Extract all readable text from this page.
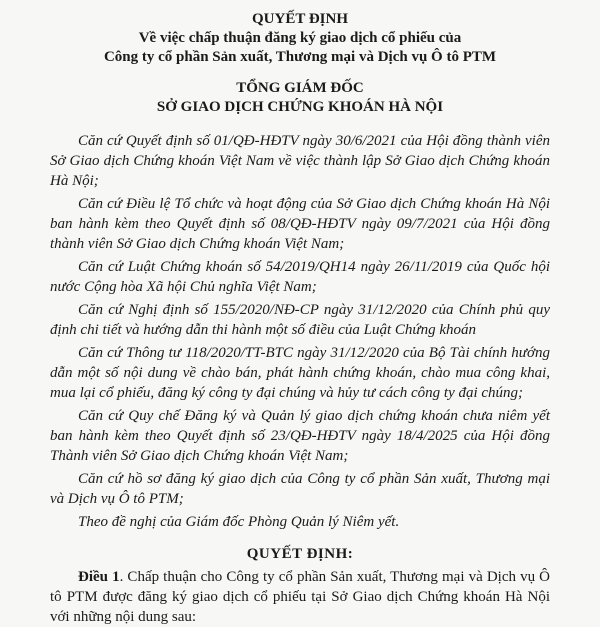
QUYẾT ĐỊNH
Về việc chấp thuận đăng ký giao dịch cổ phiếu của
Công ty cổ phần Sản xuất, Thương mại và Dịch vụ Ô tô PTM
TỔNG GIÁM ĐỐC
SỞ GIAO DỊCH CHỨNG KHOÁN HÀ NỘI

Căn cứ Quyết định số 01/QĐ-HĐTV ngày 30/6/2021 của Hội đồng thành viên Sở Giao dịch Chứng khoán Việt Nam về việc thành lập Sở Giao dịch Chứng khoán Hà Nội;

Căn cứ Điều lệ Tổ chức và hoạt động của Sở Giao dịch Chứng khoán Hà Nội ban hành kèm theo Quyết định số 08/QĐ-HĐTV ngày 09/7/2021 của Hội đồng thành viên Sở Giao dịch Chứng khoán Việt Nam;

Căn cứ Luật Chứng khoán số 54/2019/QH14 ngày 26/11/2019 của Quốc hội nước Cộng hòa Xã hội Chủ nghĩa Việt Nam;

Căn cứ Nghị định số 155/2020/NĐ-CP ngày 31/12/2020 của Chính phủ quy định chi tiết và hướng dẫn thi hành một số điều của Luật Chứng khoán

Căn cứ Thông tư 118/2020/TT-BTC ngày 31/12/2020 của Bộ Tài chính hướng dẫn một số nội dung về chào bán, phát hành chứng khoán, chào mua công khai, mua lại cổ phiếu, đăng ký công ty đại chúng và hủy tư cách công ty đại chúng;

Căn cứ Quy chế Đăng ký và Quản lý giao dịch chứng khoán chưa niêm yết ban hành kèm theo Quyết định số 23/QĐ-HĐTV ngày 18/4/2025 của Hội đồng Thành viên Sở Giao dịch Chứng khoán Việt Nam;

Căn cứ hồ sơ đăng ký giao dịch của Công ty cổ phần Sản xuất, Thương mại và Dịch vụ Ô tô PTM;

Theo đề nghị của Giám đốc Phòng Quản lý Niêm yết.

QUYẾT ĐỊNH:

Điều 1. Chấp thuận cho Công ty cổ phần Sản xuất, Thương mại và Dịch vụ Ô tô PTM được đăng ký giao dịch cổ phiếu tại Sở Giao dịch Chứng khoán Hà Nội với những nội dung sau:
